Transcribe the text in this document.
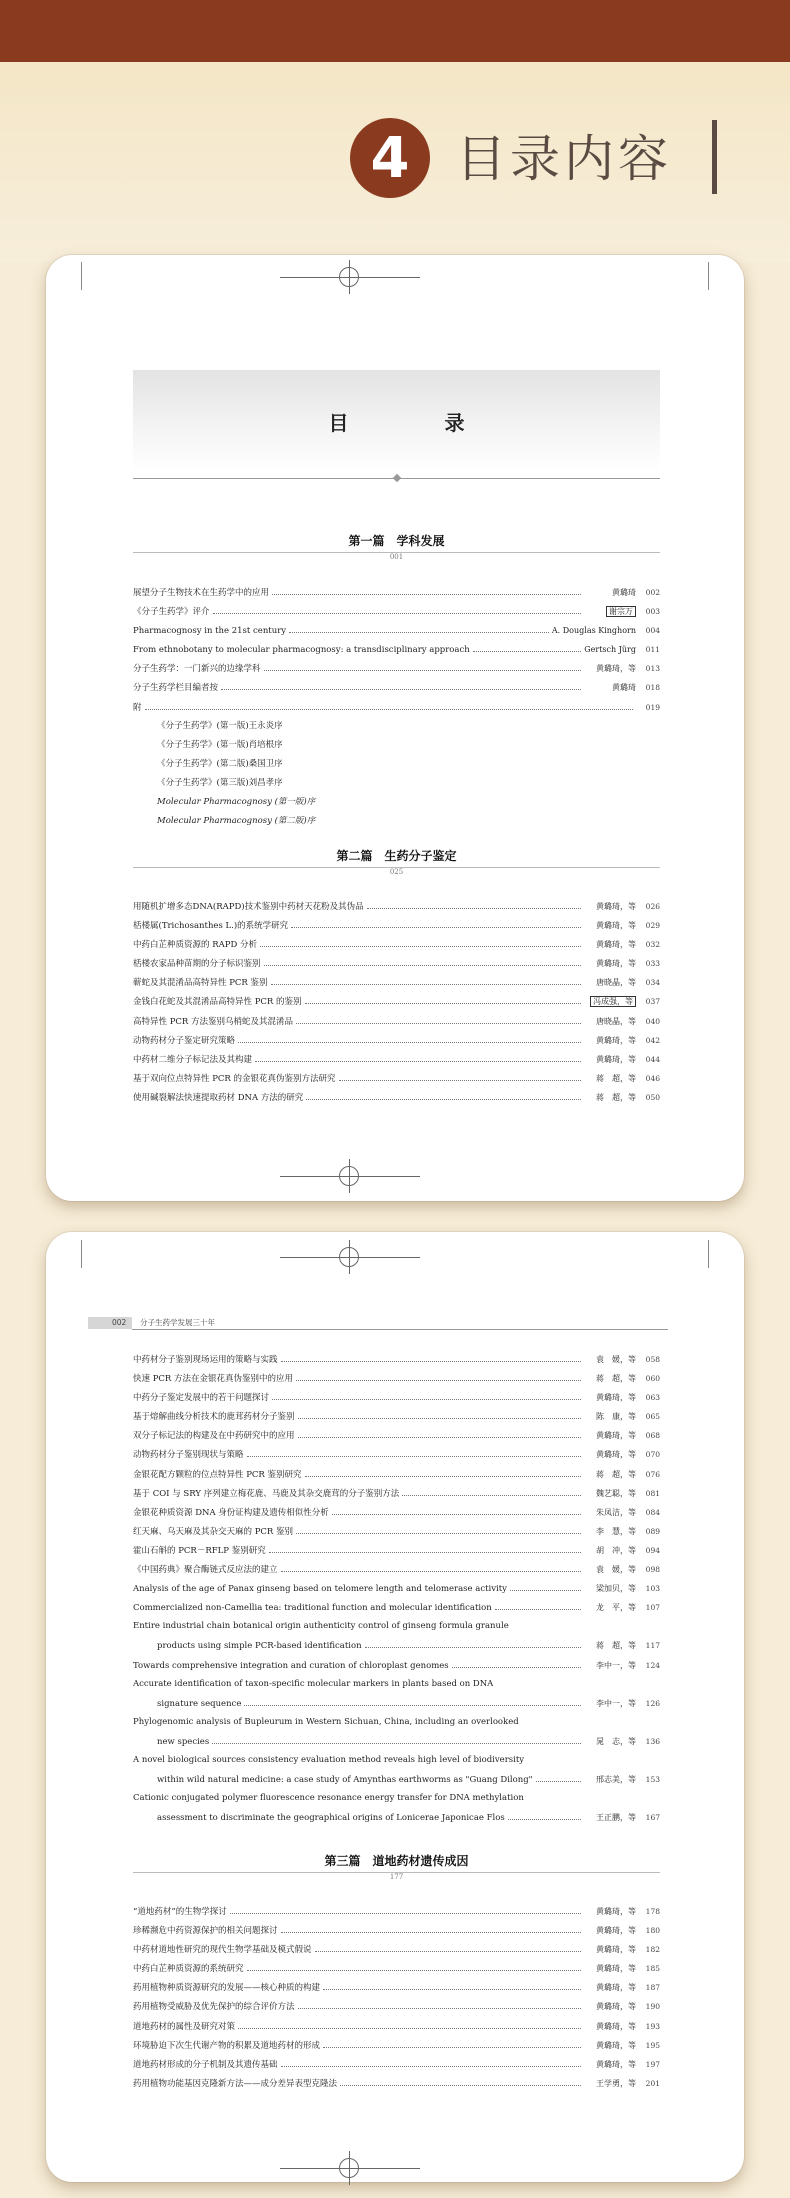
4 目录内容
目　录
第一篇　学科发展
001
展望分子生物技术在生药学中的应用	黄璐琦	002
《分子生药学》评介	谢宗万	003
Pharmacognosy in the 21st century	A. Douglas Kinghorn	004
From ethnobotany to molecular pharmacognosy: a transdisciplinary approach	Gertsch Jürg	011
分子生药学：一门新兴的边缘学科	黄璐琦，等	013
分子生药学栏目编者按	黄璐琦	018
附	019
《分子生药学》(第一版)王永炎序
《分子生药学》(第一版)肖培根序
《分子生药学》(第二版)桑国卫序
《分子生药学》(第三版)刘昌孝序
Molecular Pharmacognosy (第一版)序
Molecular Pharmacognosy (第二版)序
第二篇　生药分子鉴定
025
用随机扩增多态DNA(RAPD)技术鉴别中药材天花粉及其伪品	黄璐琦，等	026
栝楼属(Trichosanthes L.)的系统学研究	黄璐琦，等	029
中药白芷种质资源的 RAPD 分析	黄璐琦，等	032
栝楼农家品种苗期的分子标识鉴别	黄璐琦，等	033
蕲蛇及其混淆品高特异性 PCR 鉴别	唐晓晶，等	034
金钱白花蛇及其混淆品高特异性 PCR 的鉴别	冯成强，等	037
高特异性 PCR 方法鉴别乌梢蛇及其混淆品	唐晓晶，等	040
动物药材分子鉴定研究策略	黄璐琦，等	042
中药材二维分子标记法及其构建	黄璐琦，等	044
基于双向位点特异性 PCR 的金银花真伪鉴别方法研究	蒋　超，等	046
使用碱裂解法快速提取药材 DNA 方法的研究	蒋　超，等	050
002	分子生药学发展三十年
中药材分子鉴别现场运用的策略与实践	袁　媛，等	058
快速 PCR 方法在金银花真伪鉴别中的应用	蒋　超，等	060
中药分子鉴定发展中的若干问题探讨	黄璐琦，等	063
基于熔解曲线分析技术的鹿茸药材分子鉴别	陈　康，等	065
双分子标记法的构建及在中药研究中的应用	黄璐琦，等	068
动物药材分子鉴别现状与策略	黄璐琦，等	070
金银花配方颗粒的位点特异性 PCR 鉴别研究	蒋　超，等	076
基于 COI 与 SRY 序列建立梅花鹿、马鹿及其杂交鹿茸的分子鉴别方法	魏艺聪，等	081
金银花种质资源 DNA 身份证构建及遗传相似性分析	朱凤洁，等	084
红天麻、乌天麻及其杂交天麻的 PCR 鉴别	李　慧，等	089
霍山石斛的 PCR－RFLP 鉴别研究	胡　冲，等	094
《中国药典》聚合酶链式反应法的建立	袁　媛，等	098
Analysis of the age of Panax ginseng based on telomere length and telomerase activity	梁加贝，等	103
Commercialized non-Camellia tea: traditional function and molecular identification	龙　平，等	107
Entire industrial chain botanical origin authenticity control of ginseng formula granule
products using simple PCR-based identification	蒋　超，等	117
Towards comprehensive integration and curation of chloroplast genomes	李中一，等	124
Accurate identification of taxon-specific molecular markers in plants based on DNA
signature sequence	李中一，等	126
Phylogenomic analysis of Bupleurum in Western Sichuan, China, including an overlooked
new species	晁　志，等	136
A novel biological sources consistency evaluation method reveals high level of biodiversity
within wild natural medicine: a case study of Amynthas earthworms as "Guang Dilong"	邢志美，等	153
Cationic conjugated polymer fluorescence resonance energy transfer for DNA methylation
assessment to discriminate the geographical origins of Lonicerae Japonicae Flos	王正鹏，等	167
第三篇　道地药材遗传成因
177
“道地药材”的生物学探讨	黄璐琦，等	178
珍稀濒危中药资源保护的相关问题探讨	黄璐琦，等	180
中药材道地性研究的现代生物学基础及模式假说	黄璐琦，等	182
中药白芷种质资源的系统研究	黄璐琦，等	185
药用植物种质资源研究的发展——核心种质的构建	黄璐琦，等	187
药用植物受威胁及优先保护的综合评价方法	黄璐琦，等	190
道地药材的属性及研究对策	黄璐琦，等	193
环境胁迫下次生代谢产物的积累及道地药材的形成	黄璐琦，等	195
道地药材形成的分子机制及其遗传基础	黄璐琦，等	197
药用植物功能基因克隆新方法——成分差异表型克隆法	王学勇，等	201
